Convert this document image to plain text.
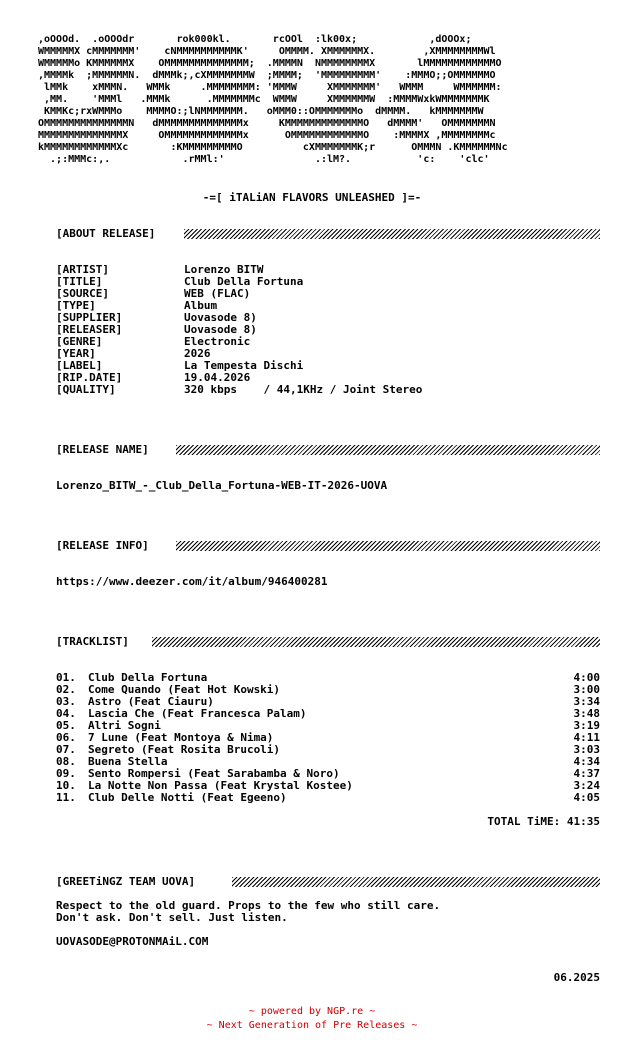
,oOOOd.  .oOOOdr       rok000kl.       rcOOl  :lk00x;            ,dOOOx;
WMMMMMX cMMMMMMM'    cNMMMMMMMMMMK'     OMMMM. XMMMMMMX.        ,XMMMMMMMMWl
WMMMMMo KMMMMMMX    OMMMMMMMMMMMMMM;  .MMMMN  NMMMMMMMMX       lMMMMMMMMMMMMO
,MMMMk  ;MMMMMMN.  dMMMk;,cXMMMMMMMW  ;MMMM;  'MMMMMMMMM'    :MMMO;;OMMMMMMO
lMMk    xMMMN.   WMMk     .MMMMMMMM: 'MMMW     XMMMMMMM'   WMMM     WMMMMMM:
,MM.    'MMMl   .MMMk      .MMMMMMMc  WMMW     XMMMMMMW  :MMMMWxkWMMMMMMMK
KMMKc;rxWMMMo    MMMMO:;lNMMMMMMM.   oMMM0::OMMMMMMMo  dMMMM.   kMMMMMMMW
OMMMMMMMMMMMMMMN   dMMMMMMMMMMMMMMx     KMMMMMMMMMMMMMO   dMMMM'   OMMMMMMMN
MMMMMMMMMMMMMMX     OMMMMMMMMMMMMMx      OMMMMMMMMMMMMO    :MMMMX ,MMMMMMMMc
kMMMMMMMMMMMMXc       :KMMMMMMMMMO          cXMMMMMMMK;r      OMMMN .KMMMMMMNc
.;:MMMc:,.            .rMMl:'               .:lM?.           'c:    'clc'
-=[ iTALiAN FLAVORS UNLEASHED ]=-
[ABOUT RELEASE]
[ARTIST]	Lorenzo BITW
[TITLE]	Club Della Fortuna
[SOURCE]	WEB (FLAC)
[TYPE]	Album
[SUPPLIER]	Uovasode 8)
[RELEASER]	Uovasode 8)
[GENRE]	Electronic
[YEAR]	2026
[LABEL]	La Tempesta Dischi
[RIP.DATE]	19.04.2026
[QUALITY]	320 kbps    / 44,1KHz / Joint Stereo
[RELEASE NAME]
Lorenzo_BITW_-_Club_Della_Fortuna-WEB-IT-2026-UOVA
[RELEASE INFO]
https://www.deezer.com/it/album/946400281
[TRACKLIST]
01. Club Della Fortuna	4:00
02. Come Quando (Feat Hot Kowski)	3:00
03. Astro (Feat Ciauru)	3:34
04. Lascia Che (Feat Francesca Palam)	3:48
05. Altri Sogni	3:19
06. 7 Lune (Feat Montoya & Nima)	4:11
07. Segreto (Feat Rosita Brucoli)	3:03
08. Buena Stella	4:34
09. Sento Rompersi (Feat Sarabamba & Noro)	4:37
10. La Notte Non Passa (Feat Krystal Kostee)	3:24
11. Club Delle Notti (Feat Egeeno)	4:05
TOTAL TiME: 41:35
[GREETiNGZ TEAM UOVA]
Respect to the old guard. Props to the few who still care.
Don't ask. Don't sell. Just listen.
UOVASODE@PROTONMAiL.COM
06.2025
~ powered by NGP.re ~
~ Next Generation of Pre Releases ~
